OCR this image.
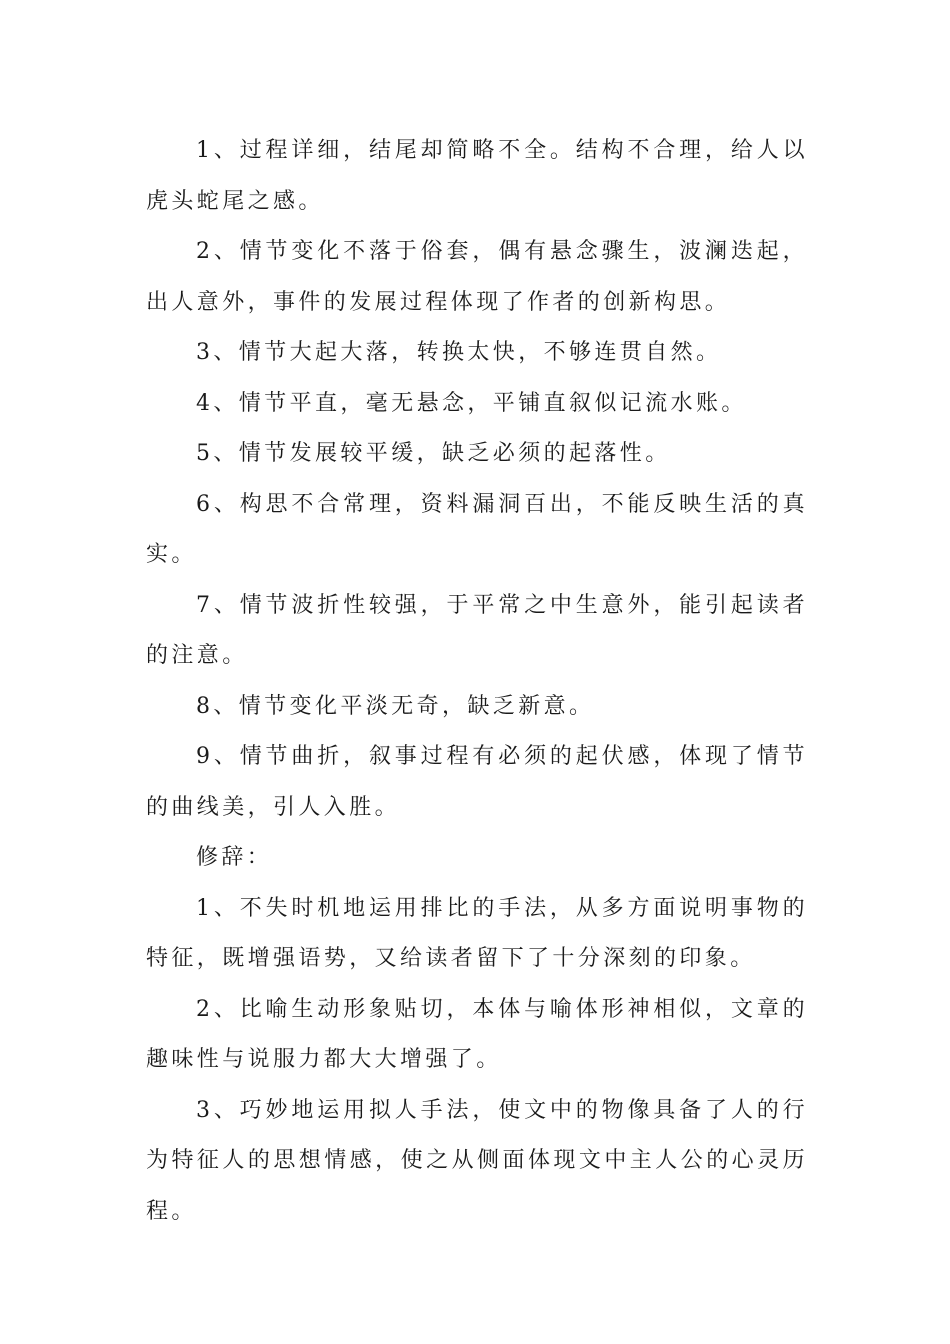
1、过程详细，结尾却简略不全。结构不合理，给人以虎头蛇尾之感。

2、情节变化不落于俗套，偶有悬念骤生，波澜迭起，出人意外，事件的发展过程体现了作者的创新构思。

3、情节大起大落，转换太快，不够连贯自然。

4、情节平直，毫无悬念，平铺直叙似记流水账。

5、情节发展较平缓，缺乏必须的起落性。

6、构思不合常理，资料漏洞百出，不能反映生活的真实。

7、情节波折性较强，于平常之中生意外，能引起读者的注意。

8、情节变化平淡无奇，缺乏新意。

9、情节曲折，叙事过程有必须的起伏感，体现了情节的曲线美，引人入胜。

修辞：

1、不失时机地运用排比的手法，从多方面说明事物的特征，既增强语势，又给读者留下了十分深刻的印象。

2、比喻生动形象贴切，本体与喻体形神相似，文章的趣味性与说服力都大大增强了。

3、巧妙地运用拟人手法，使文中的物像具备了人的行为特征人的思想情感，使之从侧面体现文中主人公的心灵历程。
